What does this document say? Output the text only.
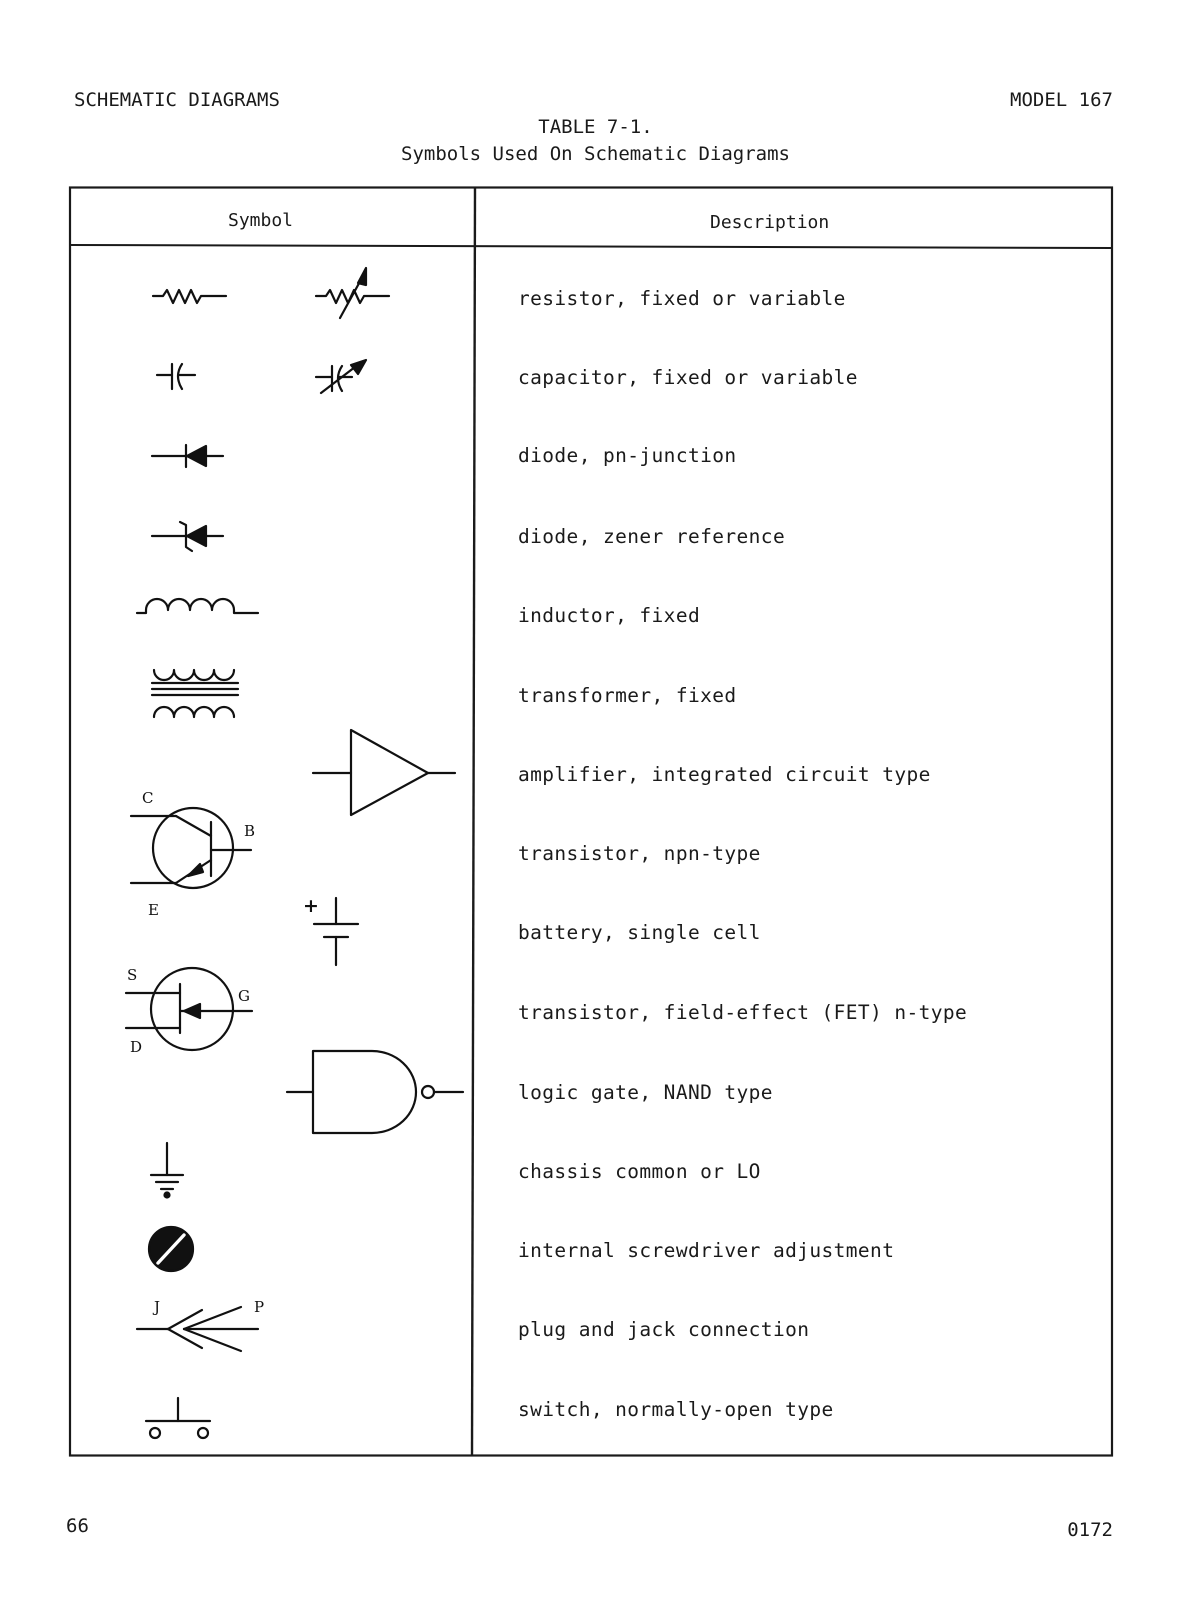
SCHEMATIC DIAGRAMS	MODEL 167
TABLE 7-1.
Symbols Used On Schematic Diagrams
Symbol	Description
resistor, fixed or variable
capacitor, fixed or variable
diode, pn-junction
diode, zener reference
inductor, fixed
transformer, fixed
amplifier, integrated circuit type
transistor, npn-type
battery, single cell
transistor, field-effect (FET) n-type
logic gate, NAND type
chassis common or LO
internal screwdriver adjustment
plug and jack connection
switch, normally-open type
C
B
E	+
S
G
D
J	P
66	0172
